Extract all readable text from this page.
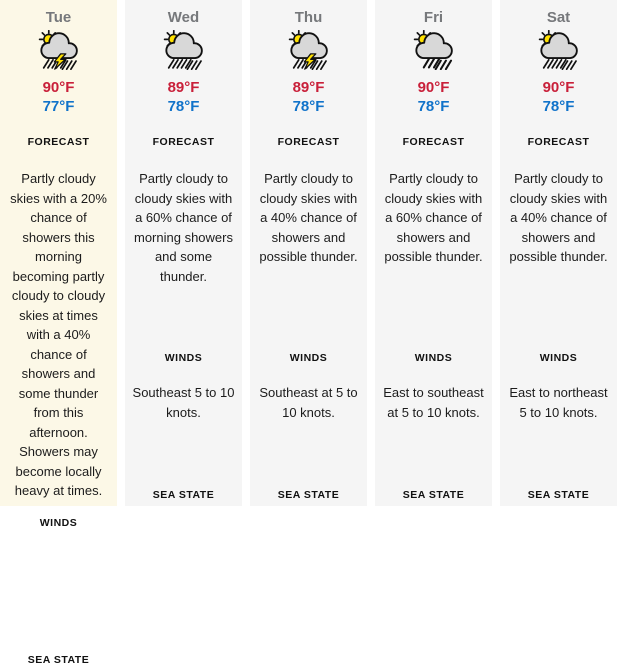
Tue
90°F
77°F
FORECAST
Partly cloudy skies with a 20% chance of showers this morning becoming partly cloudy to cloudy skies at times with a 40% chance of showers and some thunder from this afternoon. Showers may become locally heavy at times.
WINDS
SEA STATE
Wed
89°F
78°F
FORECAST
Partly cloudy to cloudy skies with a 60% chance of morning showers and some thunder.
WINDS
Southeast 5 to 10 knots.
SEA STATE
Thu
89°F
78°F
FORECAST
Partly cloudy to cloudy skies with a 40% chance of showers and possible thunder.
WINDS
Southeast at 5 to 10 knots.
SEA STATE
Fri
90°F
78°F
FORECAST
Partly cloudy to cloudy skies with a 60% chance of showers and possible thunder.
WINDS
East to southeast at 5 to 10 knots.
SEA STATE
Sat
90°F
78°F
FORECAST
Partly cloudy to cloudy skies with a 40% chance of showers and possible thunder.
WINDS
East to northeast 5 to 10 knots.
SEA STATE
